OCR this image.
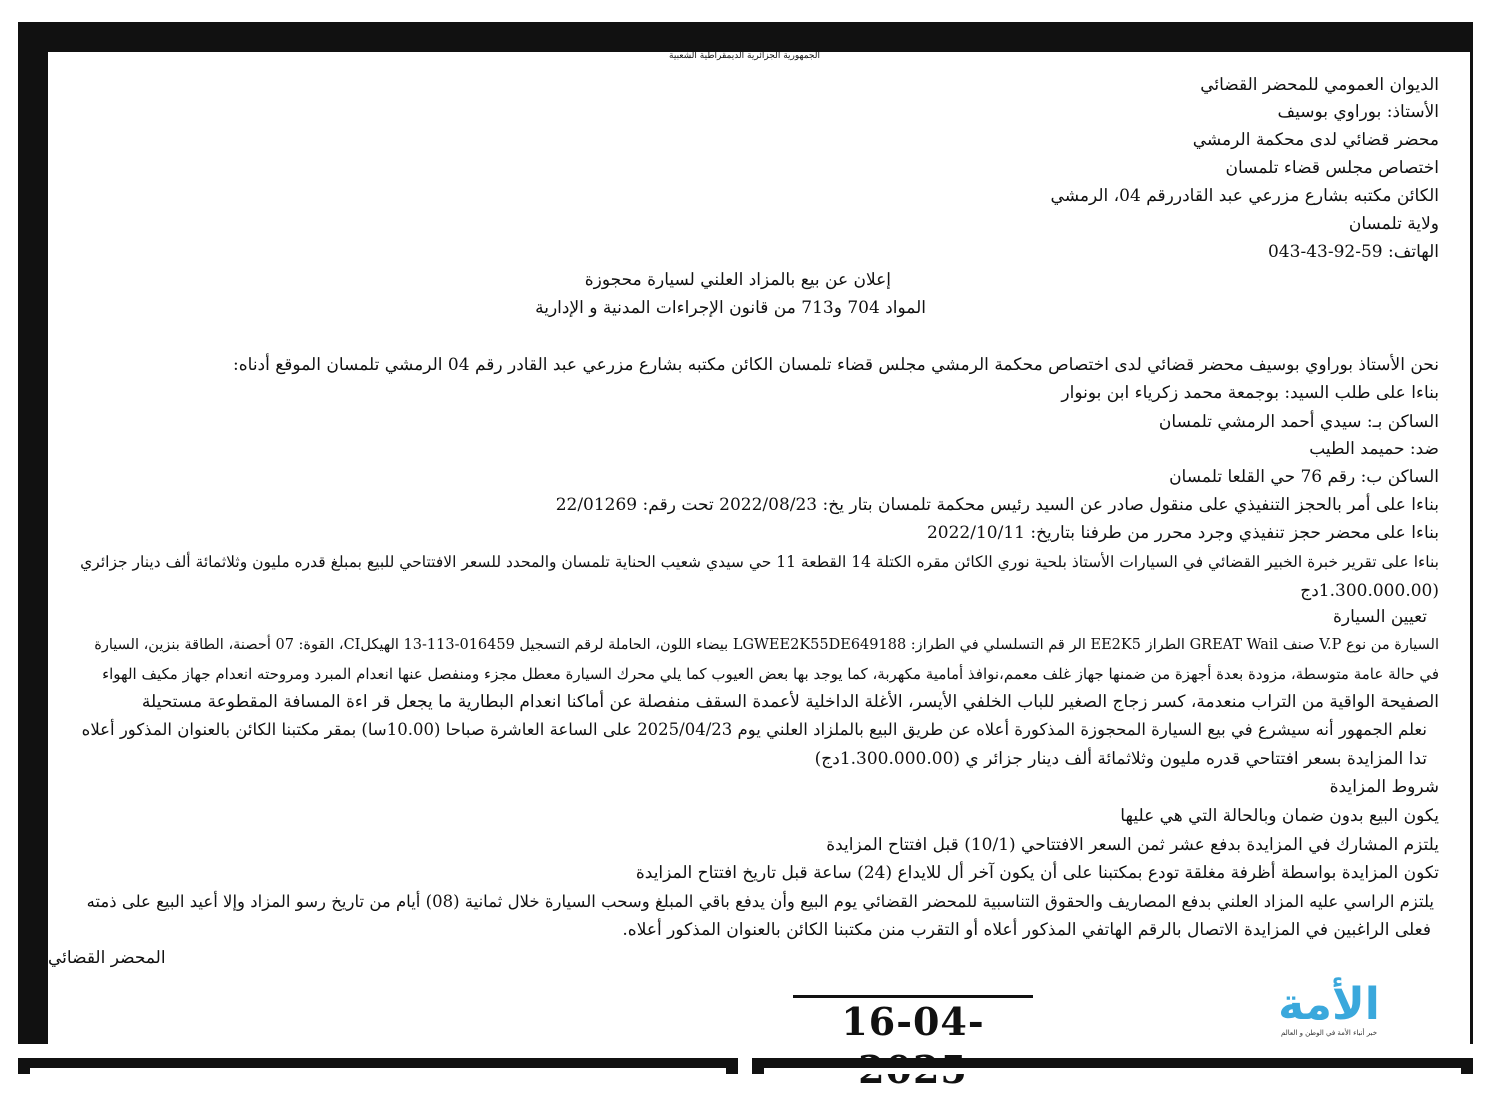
الجمهورية الجزائرية الديمقراطية الشعبية
الديوان العمومي للمحضر القضائي
الأستاذ: بوراوي بوسيف
محضر قضائي لدى محكمة الرمشي
اختصاص مجلس قضاء تلمسان
الكائن مكتبه بشارع مزرعي عبد القادررقم 04، الرمشي
ولاية تلمسان
الهاتف: 59-92-43-043
إعلان عن بيع بالمزاد العلني لسيارة محجوزة
المواد 704 و713 من قانون الإجراءات المدنية و الإدارية
نحن الأستاذ بوراوي بوسيف محضر قضائي لدى اختصاص محكمة الرمشي مجلس قضاء تلمسان الكائن مكتبه بشارع مزرعي عبد القادر رقم 04 الرمشي تلمسان الموقع أدناه:
بناءا على طلب السيد: بوجمعة محمد زكرياء ابن بونوار
الساكن بـ: سيدي أحمد الرمشي تلمسان
ضد: حميمد الطيب
الساكن ب: رقم 76 حي القلعا تلمسان
بناءا على أمر بالحجز التنفيذي على منقول صادر عن السيد رئيس محكمة تلمسان بتار يخ: 2022/08/23 تحت رقم: 22/01269
بناءا على محضر حجز تنفيذي وجرد محرر من طرفنا بتاريخ: 2022/10/11
بناءا على تقرير خبرة الخبير القضائي في السيارات الأستاذ بلحية نوري الكائن مقره الكتلة 14 القطعة 11 حي سيدي شعيب الحناية تلمسان والمحدد للسعر الافتتاحي للبيع بمبلغ قدره مليون وثلاثمائة ألف دينار جزائري
(1.300.000.00دج
تعيين السيارة
السيارة من نوع V.P صنف GREAT Wail الطراز EE2K5 الر قم التسلسلي في الطراز: LGWEE2K55DE649188 بيضاء اللون، الحاملة لرقم التسجيل 016459-113-13 الهيكلCI، القوة: 07 أحصنة، الطاقة بنزين، السيارة
في حالة عامة متوسطة، مزودة بعدة أجهزة من ضمنها جهاز غلف معمم،نوافذ أمامية مكهربة، كما يوجد بها بعض العيوب كما يلي محرك السيارة معطل مجزء ومنفصل عنها انعدام المبرد ومروحته انعدام جهاز مكيف الهواء
الصفيحة الواقية من التراب منعدمة، كسر زجاج الصغير للباب الخلفي الأيسر، الأغلة الداخلية لأعمدة السقف منفصلة عن أماكنا انعدام البطارية ما يجعل قر اءة المسافة المقطوعة مستحيلة
نعلم الجمهور أنه سيشرع في بيع السيارة المحجوزة المذكورة أعلاه عن طريق البيع بالملزاد العلني يوم 2025/04/23 على الساعة العاشرة صباحا (10.00سا) بمقر مكتبنا الكائن بالعنوان المذكور أعلاه
تدا المزايدة بسعر افتتاحي قدره مليون وثلاثمائة ألف دينار جزائر ي (1.300.000.00دج)
شروط المزايدة
يكون البيع بدون ضمان وبالحالة التي هي عليها
يلتزم المشارك في المزايدة بدفع عشر ثمن السعر الافتتاحي (10/1) قبل افتتاح المزايدة
تكون المزايدة بواسطة أظرفة مغلقة تودع بمكتبنا على أن يكون آخر أل للايداع (24) ساعة قبل تاريخ افتتاح المزايدة
يلتزم الراسي عليه المزاد العلني بدفع المصاريف والحقوق التناسبية للمحضر القضائي يوم البيع وأن يدفع باقي المبلغ وسحب السيارة خلال ثمانية (08) أيام من تاريخ رسو المزاد وإلا أعيد البيع على ذمته
فعلى الراغبين في المزايدة الاتصال بالرقم الهاتفي المذكور أعلاه أو التقرب منن مكتبنا الكائن بالعنوان المذكور أعلاه.
المحضر القضائي
الأمة
خبر أنباء الأمة في الوطن و العالم
16-04-
